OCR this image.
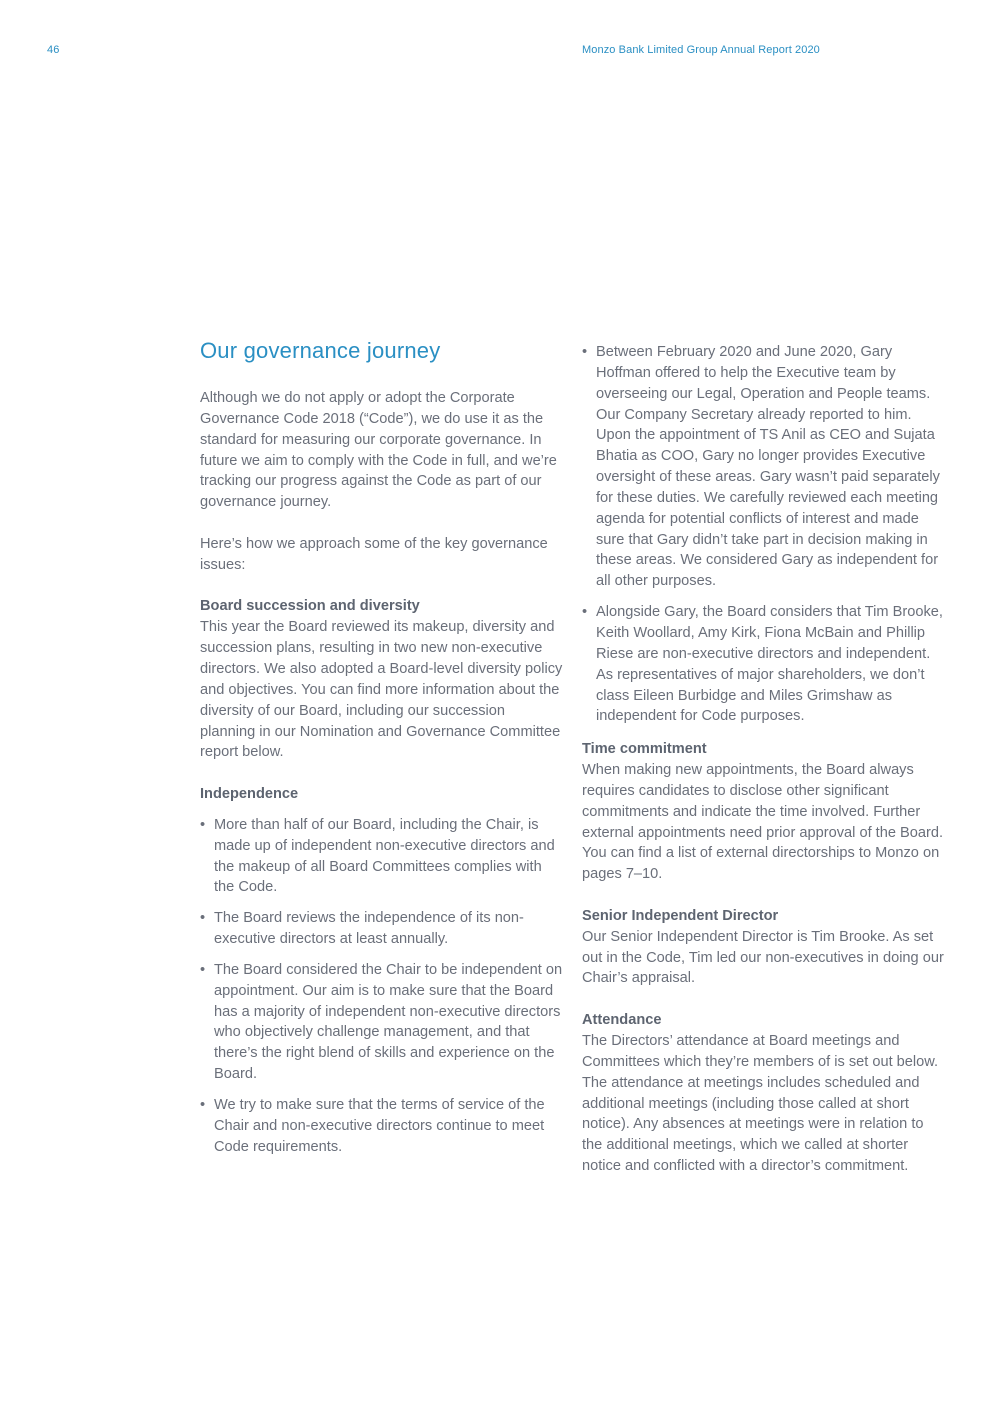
46	Monzo Bank Limited Group Annual Report 2020
Our governance journey

Although we do not apply or adopt the Corporate Governance Code 2018 (“Code”), we do use it as the standard for measuring our corporate governance. In future we aim to comply with the Code in full, and we’re tracking our progress against the Code as part of our governance journey.

Here’s how we approach some of the key governance issues:

Board succession and diversity

This year the Board reviewed its makeup, diversity and succession plans, resulting in two new non-executive directors. We also adopted a Board-level diversity policy and objectives. You can find more information about the diversity of our Board, including our succession planning in our Nomination and Governance Committee report below.

Independence
• More than half of our Board, including the Chair, is made up of independent non-executive directors and the makeup of all Board Committees complies with the Code.
• The Board reviews the independence of its non-executive directors at least annually.
• The Board considered the Chair to be independent on appointment. Our aim is to make sure that the Board has a majority of independent non-executive directors who objectively challenge management, and that there’s the right blend of skills and experience on the Board.
• We try to make sure that the terms of service of the Chair and non-executive directors continue to meet Code requirements.
• Between February 2020 and June 2020, Gary Hoffman offered to help the Executive team by overseeing our Legal, Operation and People teams. Our Company Secretary already reported to him. Upon the appointment of TS Anil as CEO and Sujata Bhatia as COO, Gary no longer provides Executive oversight of these areas. Gary wasn’t paid separately for these duties. We carefully reviewed each meeting agenda for potential conflicts of interest and made sure that Gary didn’t take part in decision making in these areas. We considered Gary as independent for all other purposes.
• Alongside Gary, the Board considers that Tim Brooke, Keith Woollard, Amy Kirk, Fiona McBain and Phillip Riese are non-executive directors and independent. As representatives of major shareholders, we don’t class Eileen Burbidge and Miles Grimshaw as independent for Code purposes.
Time commitment

When making new appointments, the Board always requires candidates to disclose other significant commitments and indicate the time involved. Further external appointments need prior approval of the Board. You can find a list of external directorships to Monzo on pages 7–10.

Senior Independent Director

Our Senior Independent Director is Tim Brooke. As set out in the Code, Tim led our non-executives in doing our Chair’s appraisal.

Attendance

The Directors’ attendance at Board meetings and Committees which they’re members of is set out below. The attendance at meetings includes scheduled and additional meetings (including those called at short notice). Any absences at meetings were in relation to the additional meetings, which we called at shorter notice and conflicted with a director’s commitment.
